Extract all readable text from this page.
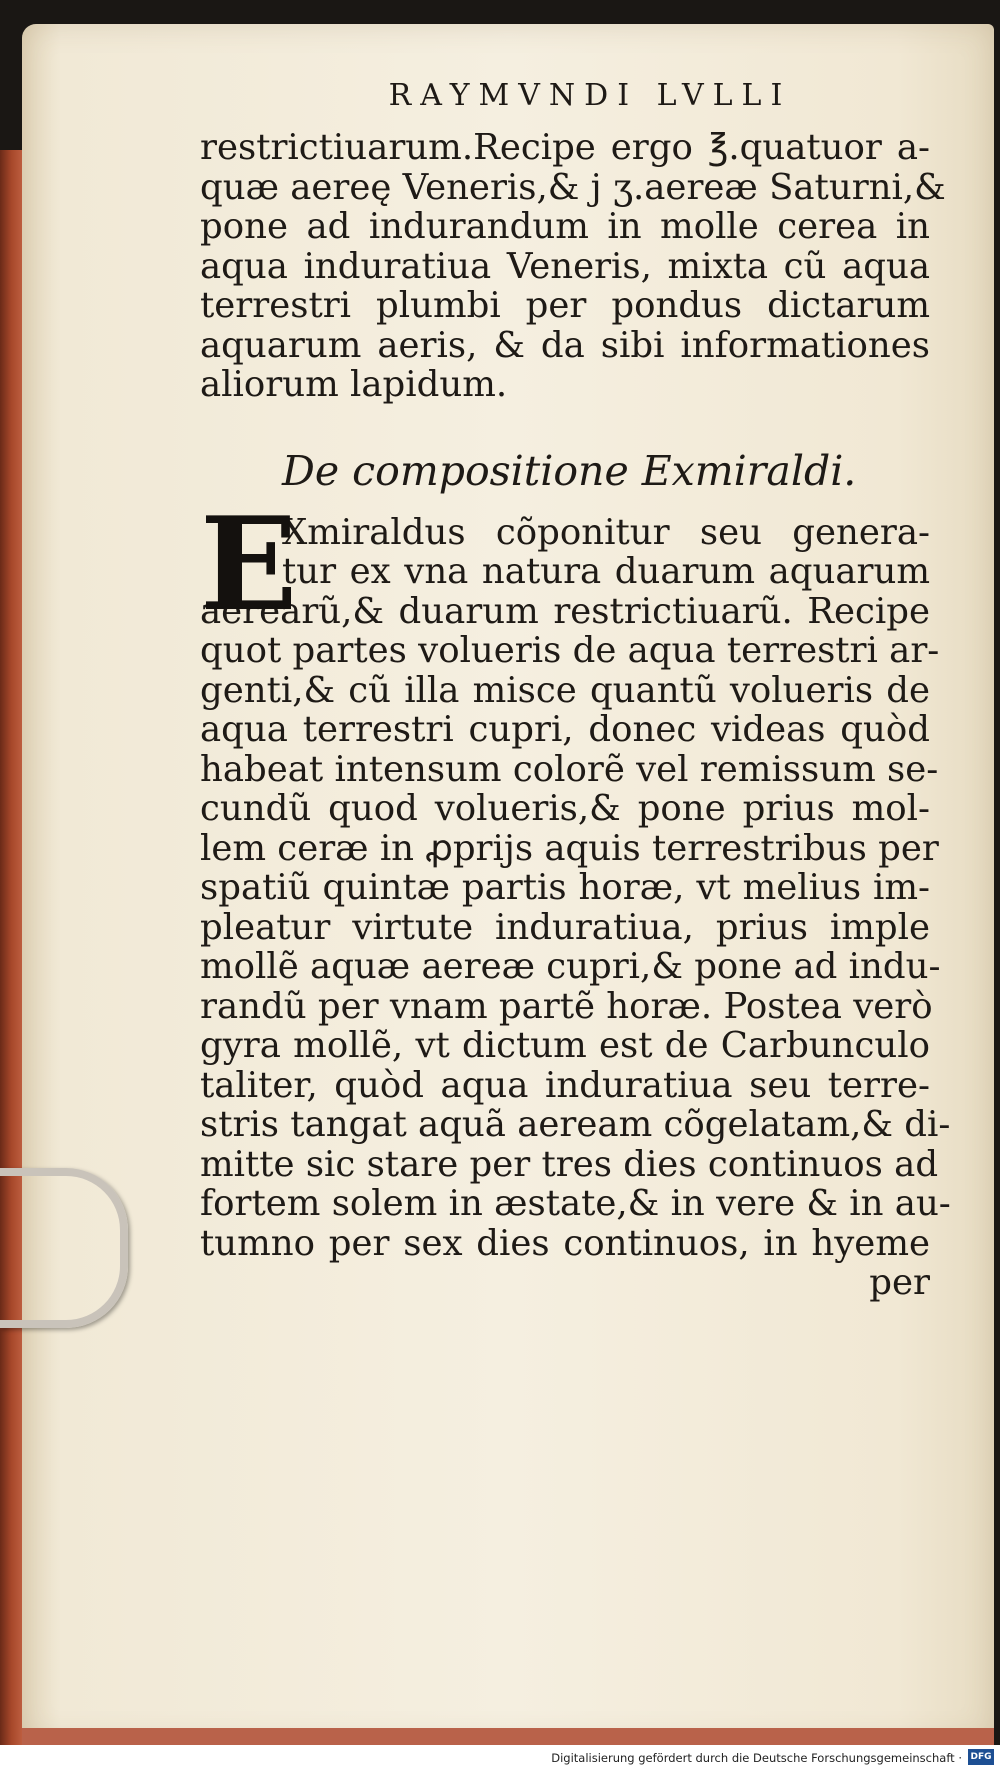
RAYMVNDI LVLLI
restrictiuarum.Recipe ergo ℥.quatuor a-
quæ aereę Veneris,& j ʒ.aereæ Saturni,&
pone ad indurandum in molle cerea in
aqua induratiua Veneris, mixta cũ aqua
terrestri plumbi per pondus dictarum
aquarum aeris, & da sibi informationes
aliorum lapidum.
De compositione Exmiraldi.
E
Xmiraldus cõponitur seu genera-
tur ex vna natura duarum aquarum
aerearũ,& duarum restrictiuarũ. Recipe
quot partes volueris de aqua terrestri ar-
genti,& cũ illa misce quantũ volueris de
aqua terrestri cupri, donec videas quòd
habeat intensum colorẽ vel remissum se-
cundũ quod volueris,& pone prius mol-
lem ceræ in ꝓprijs aquis terrestribus per
spatiũ quintæ partis horæ, vt melius im-
pleatur virtute induratiua, prius imple
mollẽ aquæ aereæ cupri,& pone ad indu-
randũ per vnam partẽ horæ. Postea verò
gyra mollẽ, vt dictum est de Carbunculo
taliter, quòd aqua induratiua seu terre-
stris tangat aquã aeream cõgelatam,& di-
mitte sic stare per tres dies continuos ad
fortem solem in æstate,& in vere & in au-
tumno per sex dies continuos, in hyeme
per
Digitalisierung gefördert durch die Deutsche Forschungsgemeinschaft · DFG
